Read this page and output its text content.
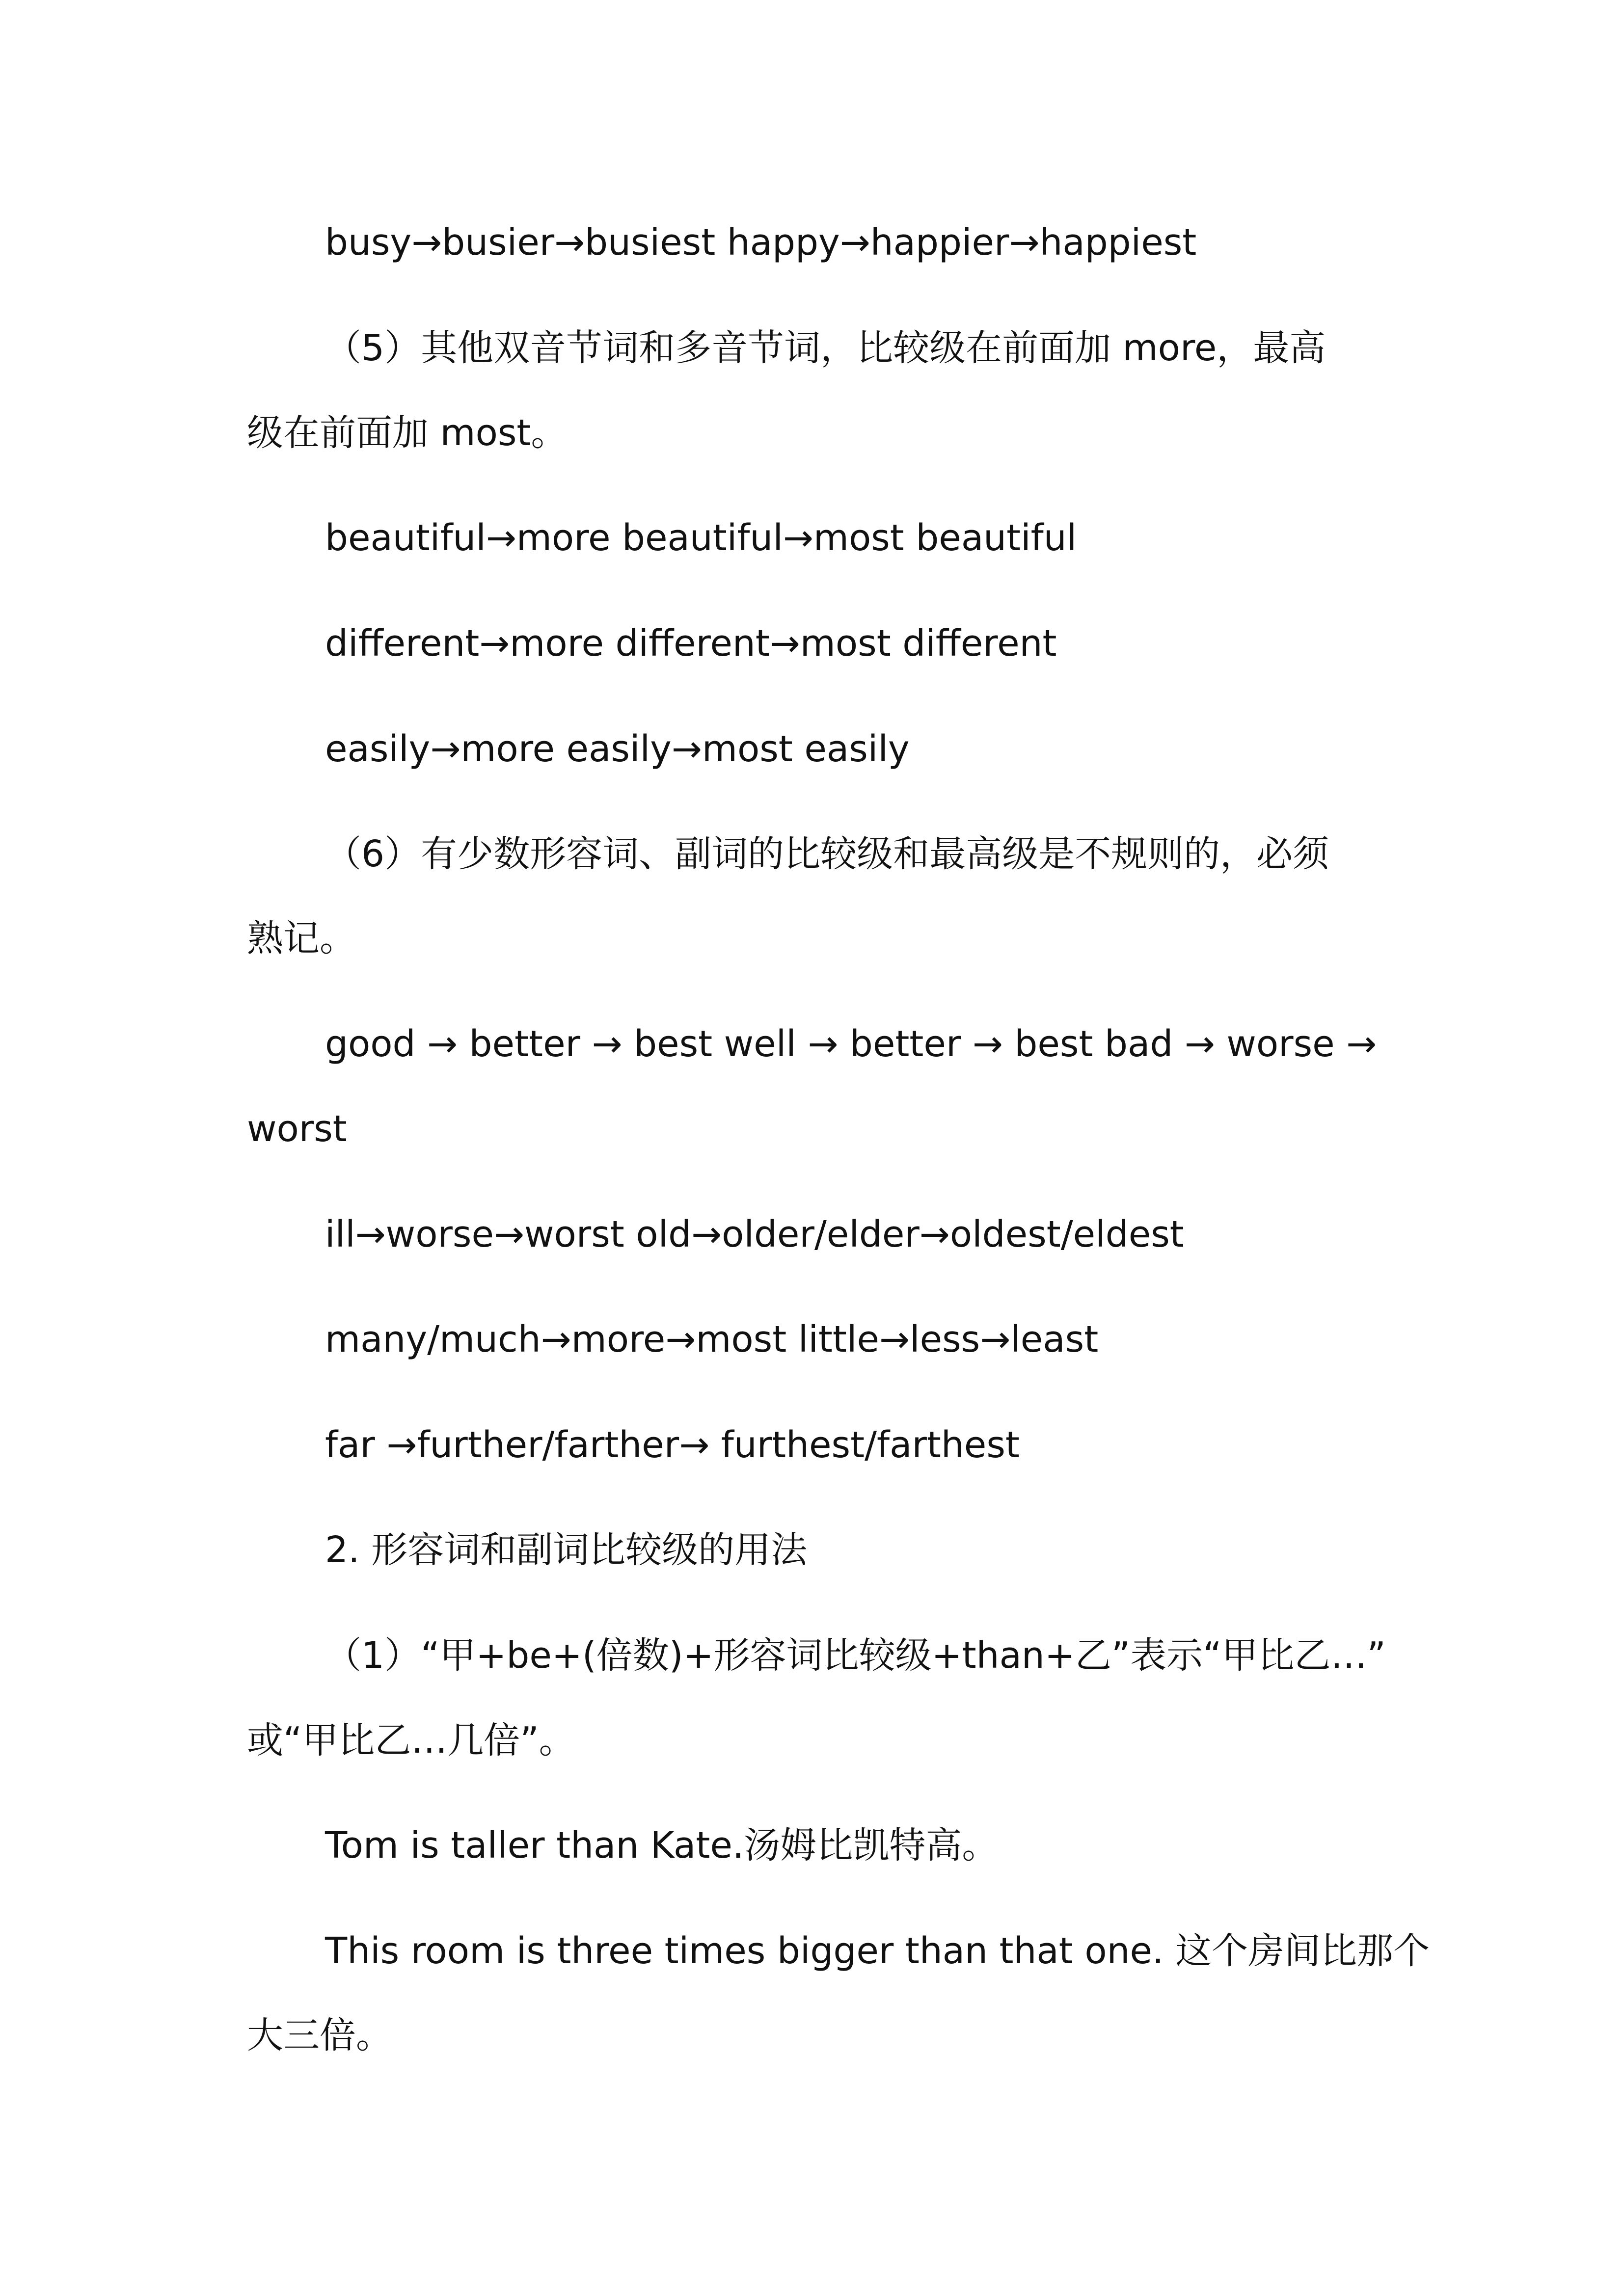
busy→busier→busiest happy→happier→happiest
（5）其他双音节词和多音节词，比较级在前面加 more，最高
级在前面加 most。
beautiful→more beautiful→most beautiful
different→more different→most different
easily→more easily→most easily
（6）有少数形容词、副词的比较级和最高级是不规则的，必须
熟记。
good → better → best well → better → best bad → worse →
worst
ill→worse→worst old→older/elder→oldest/eldest
many/much→more→most little→less→least
far →further/farther→ furthest/farthest
2. 形容词和副词比较级的用法
（1）“甲+be+(倍数)+形容词比较级+than+乙”表示“甲比乙…”
或“甲比乙…几倍”。
Tom is taller than Kate.汤姆比凯特高。
This room is three times bigger than that one. 这个房间比那个
大三倍。
